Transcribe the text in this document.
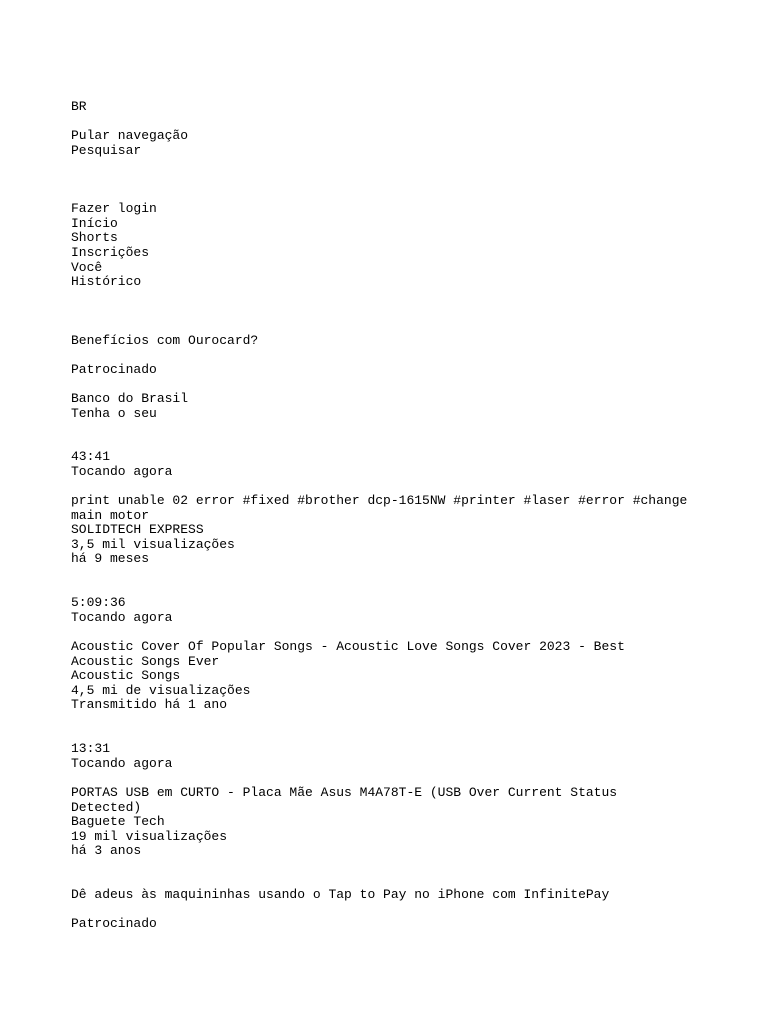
BR
Pular navegação
Pesquisar
Fazer login
Início
Shorts
Inscrições
Você
Histórico
Benefícios com Ourocard?
Patrocinado
Banco do Brasil
Tenha o seu
43:41
Tocando agora
print unable 02 error #fixed #brother dcp-1615NW #printer #laser #error #change main motor
SOLIDTECH EXPRESS
3,5 mil visualizações
há 9 meses
5:09:36
Tocando agora
Acoustic Cover Of Popular Songs - Acoustic Love Songs Cover 2023 - Best Acoustic Songs Ever
Acoustic Songs
4,5 mi de visualizações
Transmitido há 1 ano
13:31
Tocando agora
PORTAS USB em CURTO - Placa Mãe Asus M4A78T-E (USB Over Current Status Detected)
Baguete Tech
19 mil visualizações
há 3 anos
Dê adeus às maquininhas usando o Tap to Pay no iPhone com InfinitePay
Patrocinado
